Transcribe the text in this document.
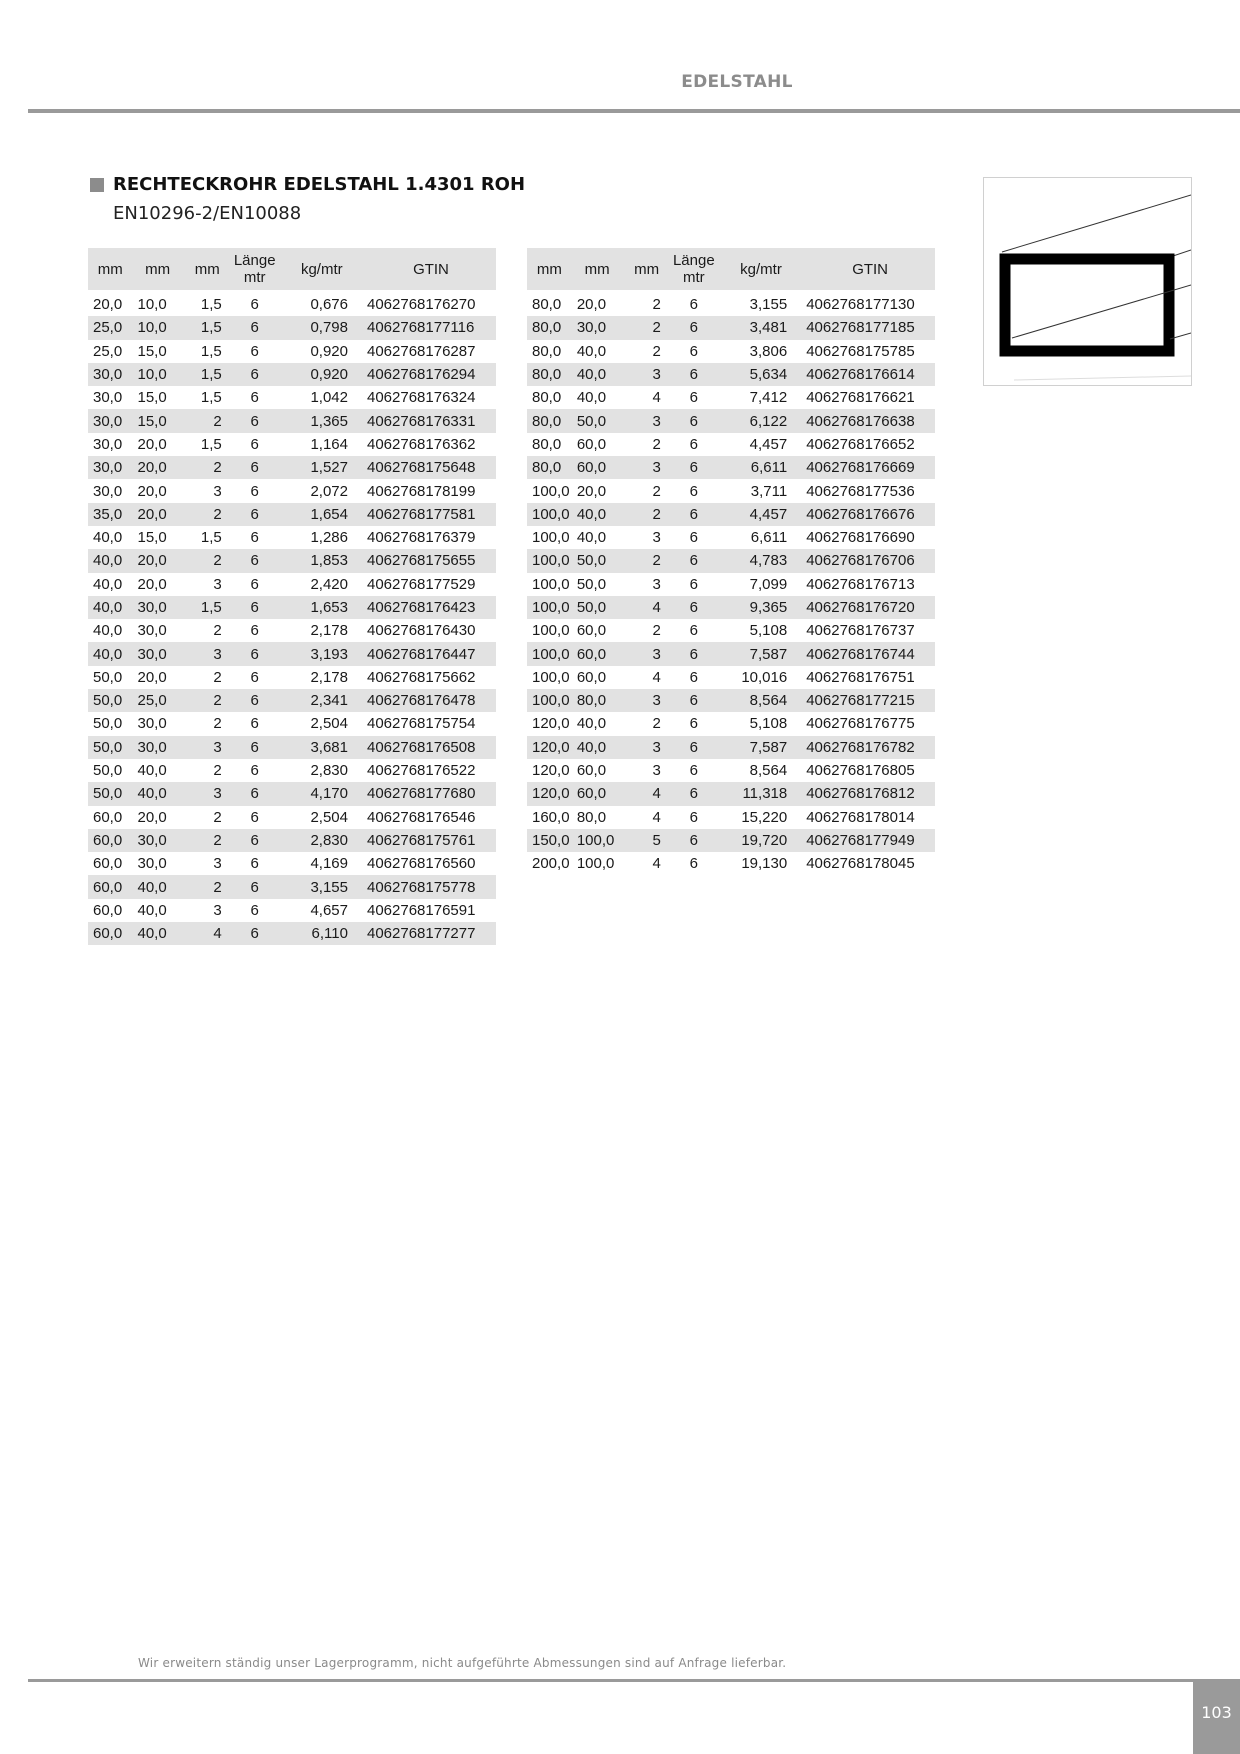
EDELSTAHL
RECHTECKROHR EDELSTAHL 1.4301 ROH
EN10296-2/EN10088
mm	mm	mm	Länge mtr	kg/mtr	GTIN
20,0	10,0	1,5	6	0,676	4062768176270
25,0	10,0	1,5	6	0,798	4062768177116
25,0	15,0	1,5	6	0,920	4062768176287
30,0	10,0	1,5	6	0,920	4062768176294
30,0	15,0	1,5	6	1,042	4062768176324
30,0	15,0	2	6	1,365	4062768176331
30,0	20,0	1,5	6	1,164	4062768176362
30,0	20,0	2	6	1,527	4062768175648
30,0	20,0	3	6	2,072	4062768178199
35,0	20,0	2	6	1,654	4062768177581
40,0	15,0	1,5	6	1,286	4062768176379
40,0	20,0	2	6	1,853	4062768175655
40,0	20,0	3	6	2,420	4062768177529
40,0	30,0	1,5	6	1,653	4062768176423
40,0	30,0	2	6	2,178	4062768176430
40,0	30,0	3	6	3,193	4062768176447
50,0	20,0	2	6	2,178	4062768175662
50,0	25,0	2	6	2,341	4062768176478
50,0	30,0	2	6	2,504	4062768175754
50,0	30,0	3	6	3,681	4062768176508
50,0	40,0	2	6	2,830	4062768176522
50,0	40,0	3	6	4,170	4062768177680
60,0	20,0	2	6	2,504	4062768176546
60,0	30,0	2	6	2,830	4062768175761
60,0	30,0	3	6	4,169	4062768176560
60,0	40,0	2	6	3,155	4062768175778
60,0	40,0	3	6	4,657	4062768176591
60,0	40,0	4	6	6,110	4062768177277
mm	mm	mm	Länge mtr	kg/mtr	GTIN
80,0	20,0	2	6	3,155	4062768177130
80,0	30,0	2	6	3,481	4062768177185
80,0	40,0	2	6	3,806	4062768175785
80,0	40,0	3	6	5,634	4062768176614
80,0	40,0	4	6	7,412	4062768176621
80,0	50,0	3	6	6,122	4062768176638
80,0	60,0	2	6	4,457	4062768176652
80,0	60,0	3	6	6,611	4062768176669
100,0	20,0	2	6	3,711	4062768177536
100,0	40,0	2	6	4,457	4062768176676
100,0	40,0	3	6	6,611	4062768176690
100,0	50,0	2	6	4,783	4062768176706
100,0	50,0	3	6	7,099	4062768176713
100,0	50,0	4	6	9,365	4062768176720
100,0	60,0	2	6	5,108	4062768176737
100,0	60,0	3	6	7,587	4062768176744
100,0	60,0	4	6	10,016	4062768176751
100,0	80,0	3	6	8,564	4062768177215
120,0	40,0	2	6	5,108	4062768176775
120,0	40,0	3	6	7,587	4062768176782
120,0	60,0	3	6	8,564	4062768176805
120,0	60,0	4	6	11,318	4062768176812
160,0	80,0	4	6	15,220	4062768178014
150,0	100,0	5	6	19,720	4062768177949
200,0	100,0	4	6	19,130	4062768178045
Wir erweitern ständig unser Lagerprogramm, nicht aufgeführte Abmessungen sind auf Anfrage lieferbar.
103
